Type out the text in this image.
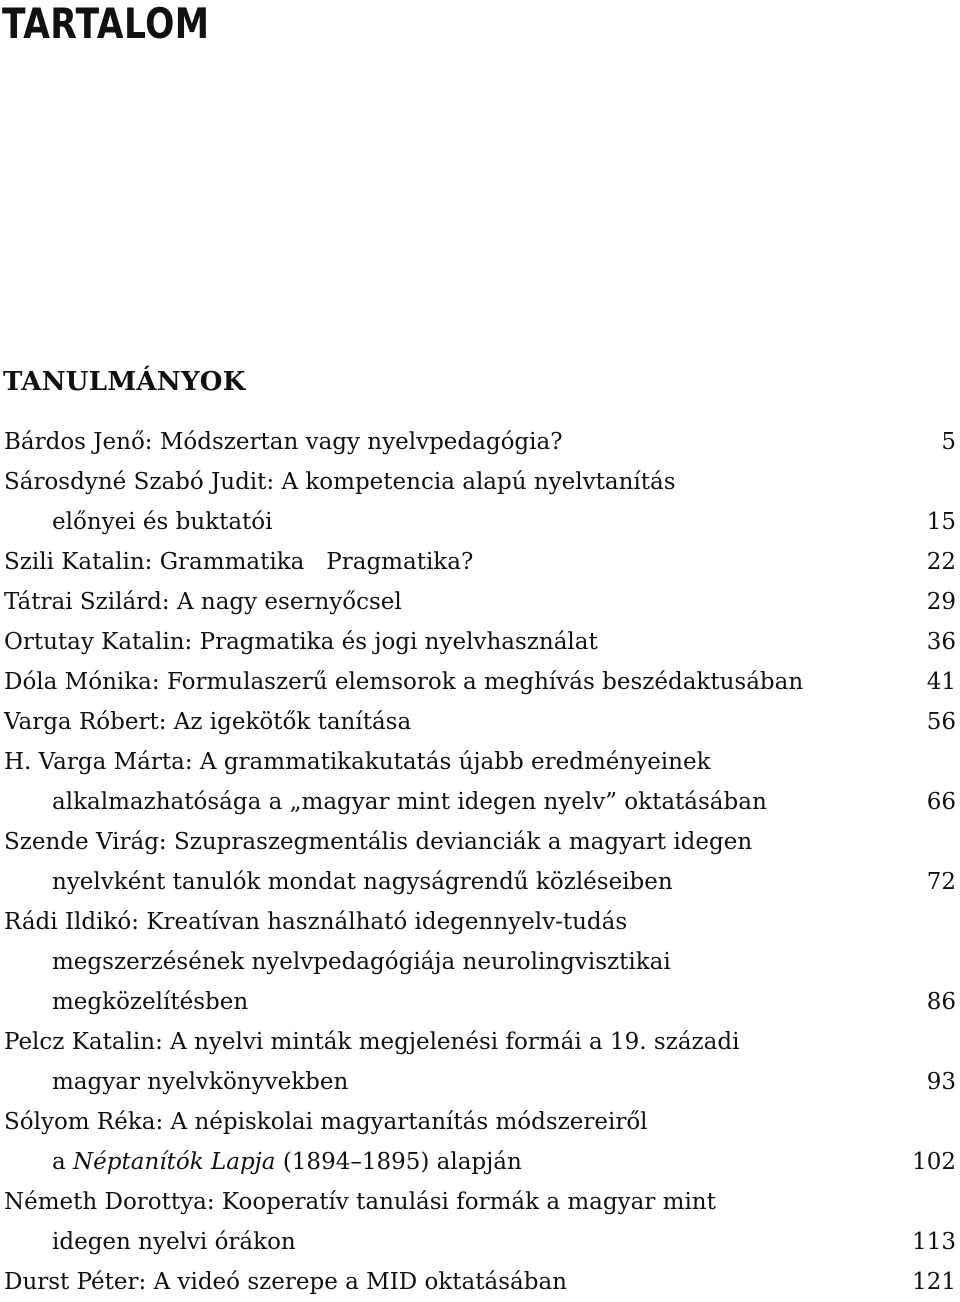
TARTALOM
TANULMÁNYOK
Bárdos Jenő: Módszertan vagy nyelvpedagógia?	5
Sárosdyné Szabó Judit: A kompetencia alapú nyelvtanítás
előnyei és buktatói	15
Szili Katalin: Grammatika   Pragmatika?	22
Tátrai Szilárd: A nagy esernyőcsel	29
Ortutay Katalin: Pragmatika és jogi nyelvhasználat	36
Dóla Mónika: Formulaszerű elemsorok a meghívás beszédaktusában	41
Varga Róbert: Az igekötők tanítása	56
H. Varga Márta: A grammatikakutatás újabb eredményeinek
alkalmazhatósága a „magyar mint idegen nyelv” oktatásában	66
Szende Virág: Szupraszegmentális devianciák a magyart idegen
nyelvként tanulók mondat nagyságrendű közléseiben	72
Rádi Ildikó: Kreatívan használható idegennyelv-tudás
megszerzésének nyelvpedagógiája neurolingvisztikai
megközelítésben	86
Pelcz Katalin: A nyelvi minták megjelenési formái a 19. századi
magyar nyelvkönyvekben	93
Sólyom Réka: A népiskolai magyartanítás módszereiről
a Néptanítók Lapja (1894–1895) alapján	102
Németh Dorottya: Kooperatív tanulási formák a magyar mint
idegen nyelvi órákon	113
Durst Péter: A videó szerepe a MID oktatásában	121
